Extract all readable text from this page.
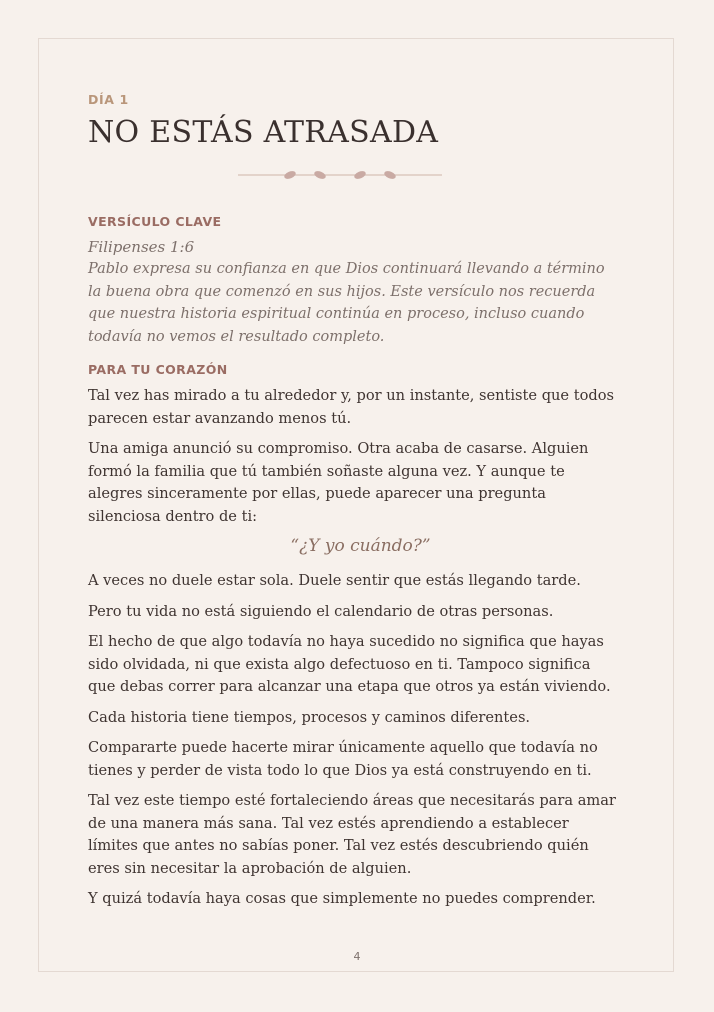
DÍA 1
NO ESTÁS ATRASADA
VERSÍCULO CLAVE
Filipenses 1:6
Pablo expresa su confianza en que Dios continuará llevando a término
la buena obra que comenzó en sus hijos. Este versículo nos recuerda
que nuestra historia espiritual continúa en proceso, incluso cuando
todavía no vemos el resultado completo.
PARA TU CORAZÓN

Tal vez has mirado a tu alrededor y, por un instante, sentiste que todos
parecen estar avanzando menos tú.

Una amiga anunció su compromiso. Otra acaba de casarse. Alguien
formó la familia que tú también soñaste alguna vez. Y aunque te
alegres sinceramente por ellas, puede aparecer una pregunta
silenciosa dentro de ti:

“¿Y yo cuándo?”

A veces no duele estar sola. Duele sentir que estás llegando tarde.

Pero tu vida no está siguiendo el calendario de otras personas.

El hecho de que algo todavía no haya sucedido no significa que hayas
sido olvidada, ni que exista algo defectuoso en ti. Tampoco significa
que debas correr para alcanzar una etapa que otros ya están viviendo.

Cada historia tiene tiempos, procesos y caminos diferentes.

Compararte puede hacerte mirar únicamente aquello que todavía no
tienes y perder de vista todo lo que Dios ya está construyendo en ti.

Tal vez este tiempo esté fortaleciendo áreas que necesitarás para amar
de una manera más sana. Tal vez estés aprendiendo a establecer
límites que antes no sabías poner. Tal vez estés descubriendo quién
eres sin necesitar la aprobación de alguien.

Y quizá todavía haya cosas que simplemente no puedes comprender.

4
